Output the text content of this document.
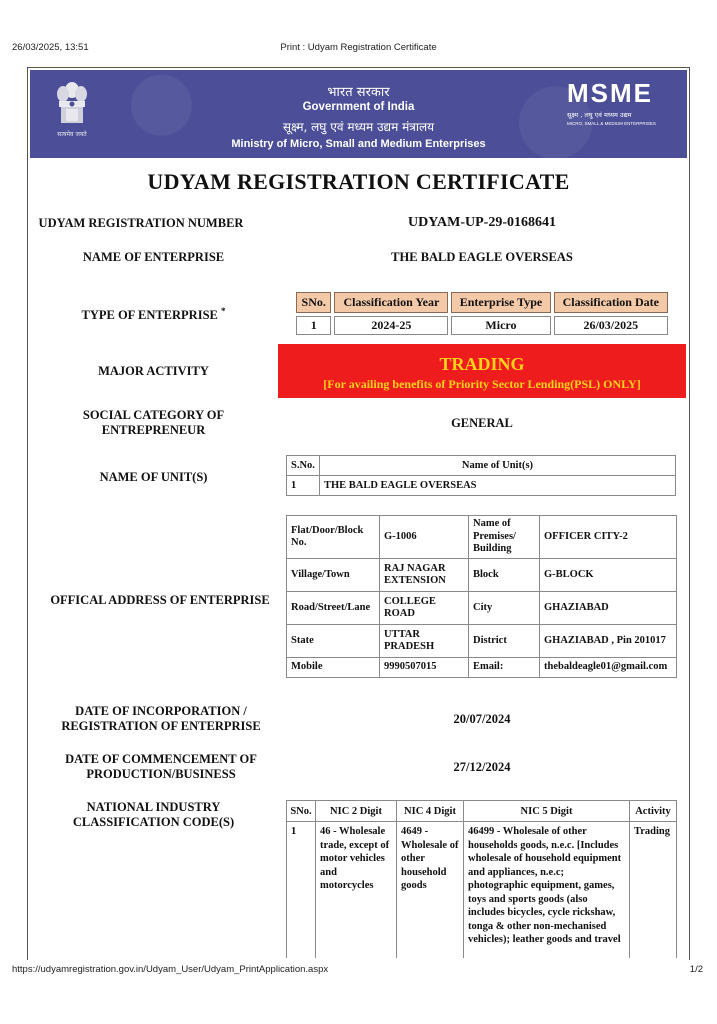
26/03/2025, 13:51	Print : Udyam Registration Certificate
सत्यमेव जयते
भारत सरकार
Government of India
सूक्ष्म, लघु एवं मध्यम उद्यम मंत्रालय
Ministry of Micro, Small and Medium Enterprises
MSME
सूक्ष्म , लघु एवं मध्यम उद्यम
MICRO, SMALL & MEDIUM ENTERPRISES
UDYAM REGISTRATION CERTIFICATE
UDYAM REGISTRATION NUMBER	UDYAM-UP-29-0168641
NAME OF ENTERPRISE	THE BALD EAGLE OVERSEAS
TYPE OF ENTERPRISE *
SNo.	Classification Year	Enterprise Type	Classification Date
1	2024-25	Micro	26/03/2025
MAJOR ACTIVITY	TRADING
[For availing benefits of Priority Sector Lending(PSL) ONLY]
SOCIAL CATEGORY OF
ENTREPRENEUR	GENERAL
NAME OF UNIT(S)
S.No.	Name of Unit(s)
1	THE BALD EAGLE OVERSEAS
OFFICAL ADDRESS OF ENTERPRISE
Flat/Door/Block No.	G-1006	Name of Premises/ Building	OFFICER CITY-2
Village/Town	RAJ NAGAR EXTENSION	Block	G-BLOCK
Road/Street/Lane	COLLEGE ROAD	City	GHAZIABAD
State	UTTAR PRADESH	District	GHAZIABAD , Pin 201017
Mobile	9990507015	Email:	thebaldeagle01@gmail.com
DATE OF INCORPORATION /
REGISTRATION OF ENTERPRISE	20/07/2024
DATE OF COMMENCEMENT OF
PRODUCTION/BUSINESS	27/12/2024
NATIONAL INDUSTRY
CLASSIFICATION CODE(S)
SNo.	NIC 2 Digit	NIC 4 Digit	NIC 5 Digit	Activity
1	46 - Wholesale trade, except of motor vehicles and motorcycles	4649 - Wholesale of other household goods	46499 - Wholesale of other households goods, n.e.c. [Includes wholesale of household equipment and appliances, n.e.c; photographic equipment, games, toys and sports goods (also includes bicycles, cycle rickshaw, tonga & other non-mechanised vehicles); leather goods and travel	Trading
https://udyamregistration.gov.in/Udyam_User/Udyam_PrintApplication.aspx	1/2
